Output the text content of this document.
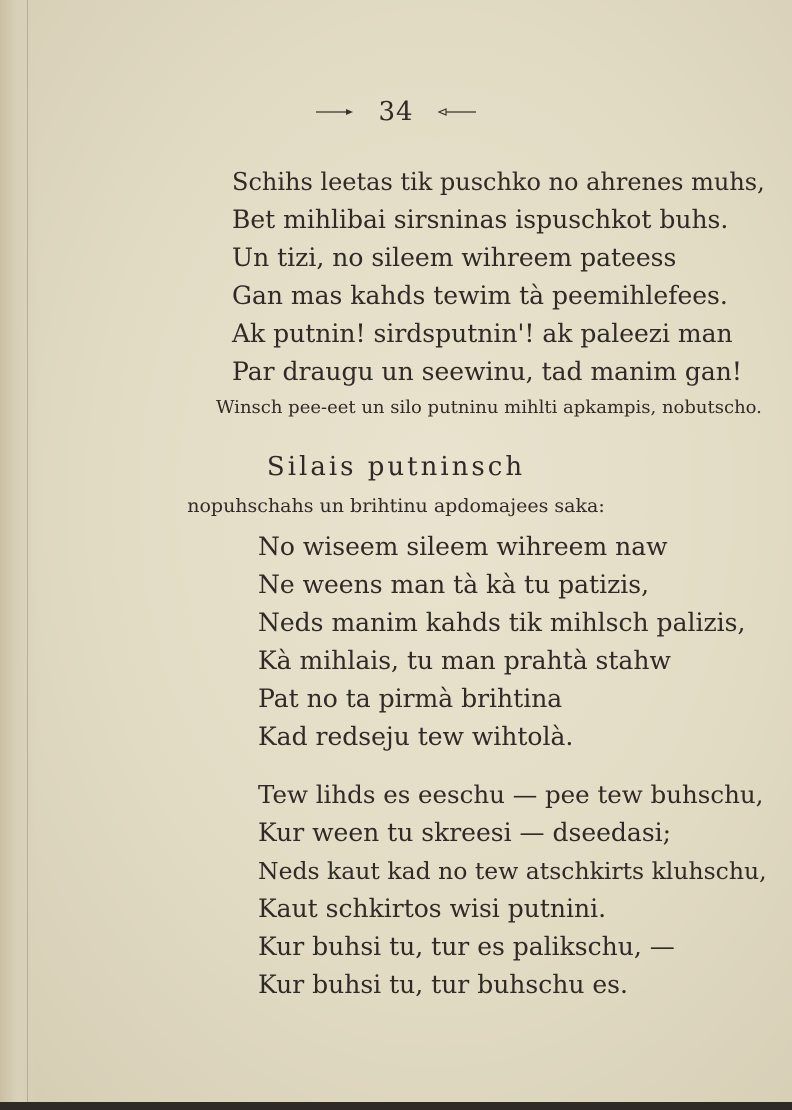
34
Schihs leetas tik puschko no ahrenes muhs,
Bet mihlibai sirsninas ispuschkot buhs.
Un tizi, no sileem wihreem pateess
Gan mas kahds tewim tà peemihlefees.
Ak putnin! sirdsputnin'! ak paleezi man
Par draugu un seewinu, tad manim gan!
Winsch pee-eet un silo putninu mihlti apkampis, nobutscho.
Silais putninsch
nopuhschahs un brihtinu apdomajees saka:
No wiseem sileem wihreem naw
Ne weens man tà kà tu patizis,
Neds manim kahds tik mihlsch palizis,
Kà mihlais, tu man prahtà stahw
Pat no ta pirmà brihtina
Kad redseju tew wihtolà.
Tew lihds es eeschu — pee tew buhschu,
Kur ween tu skreesi — dseedasi;
Neds kaut kad no tew atschkirts kluhschu,
Kaut schkirtos wisi putnini.
Kur buhsi tu, tur es palikschu, —
Kur buhsi tu, tur buhschu es.
